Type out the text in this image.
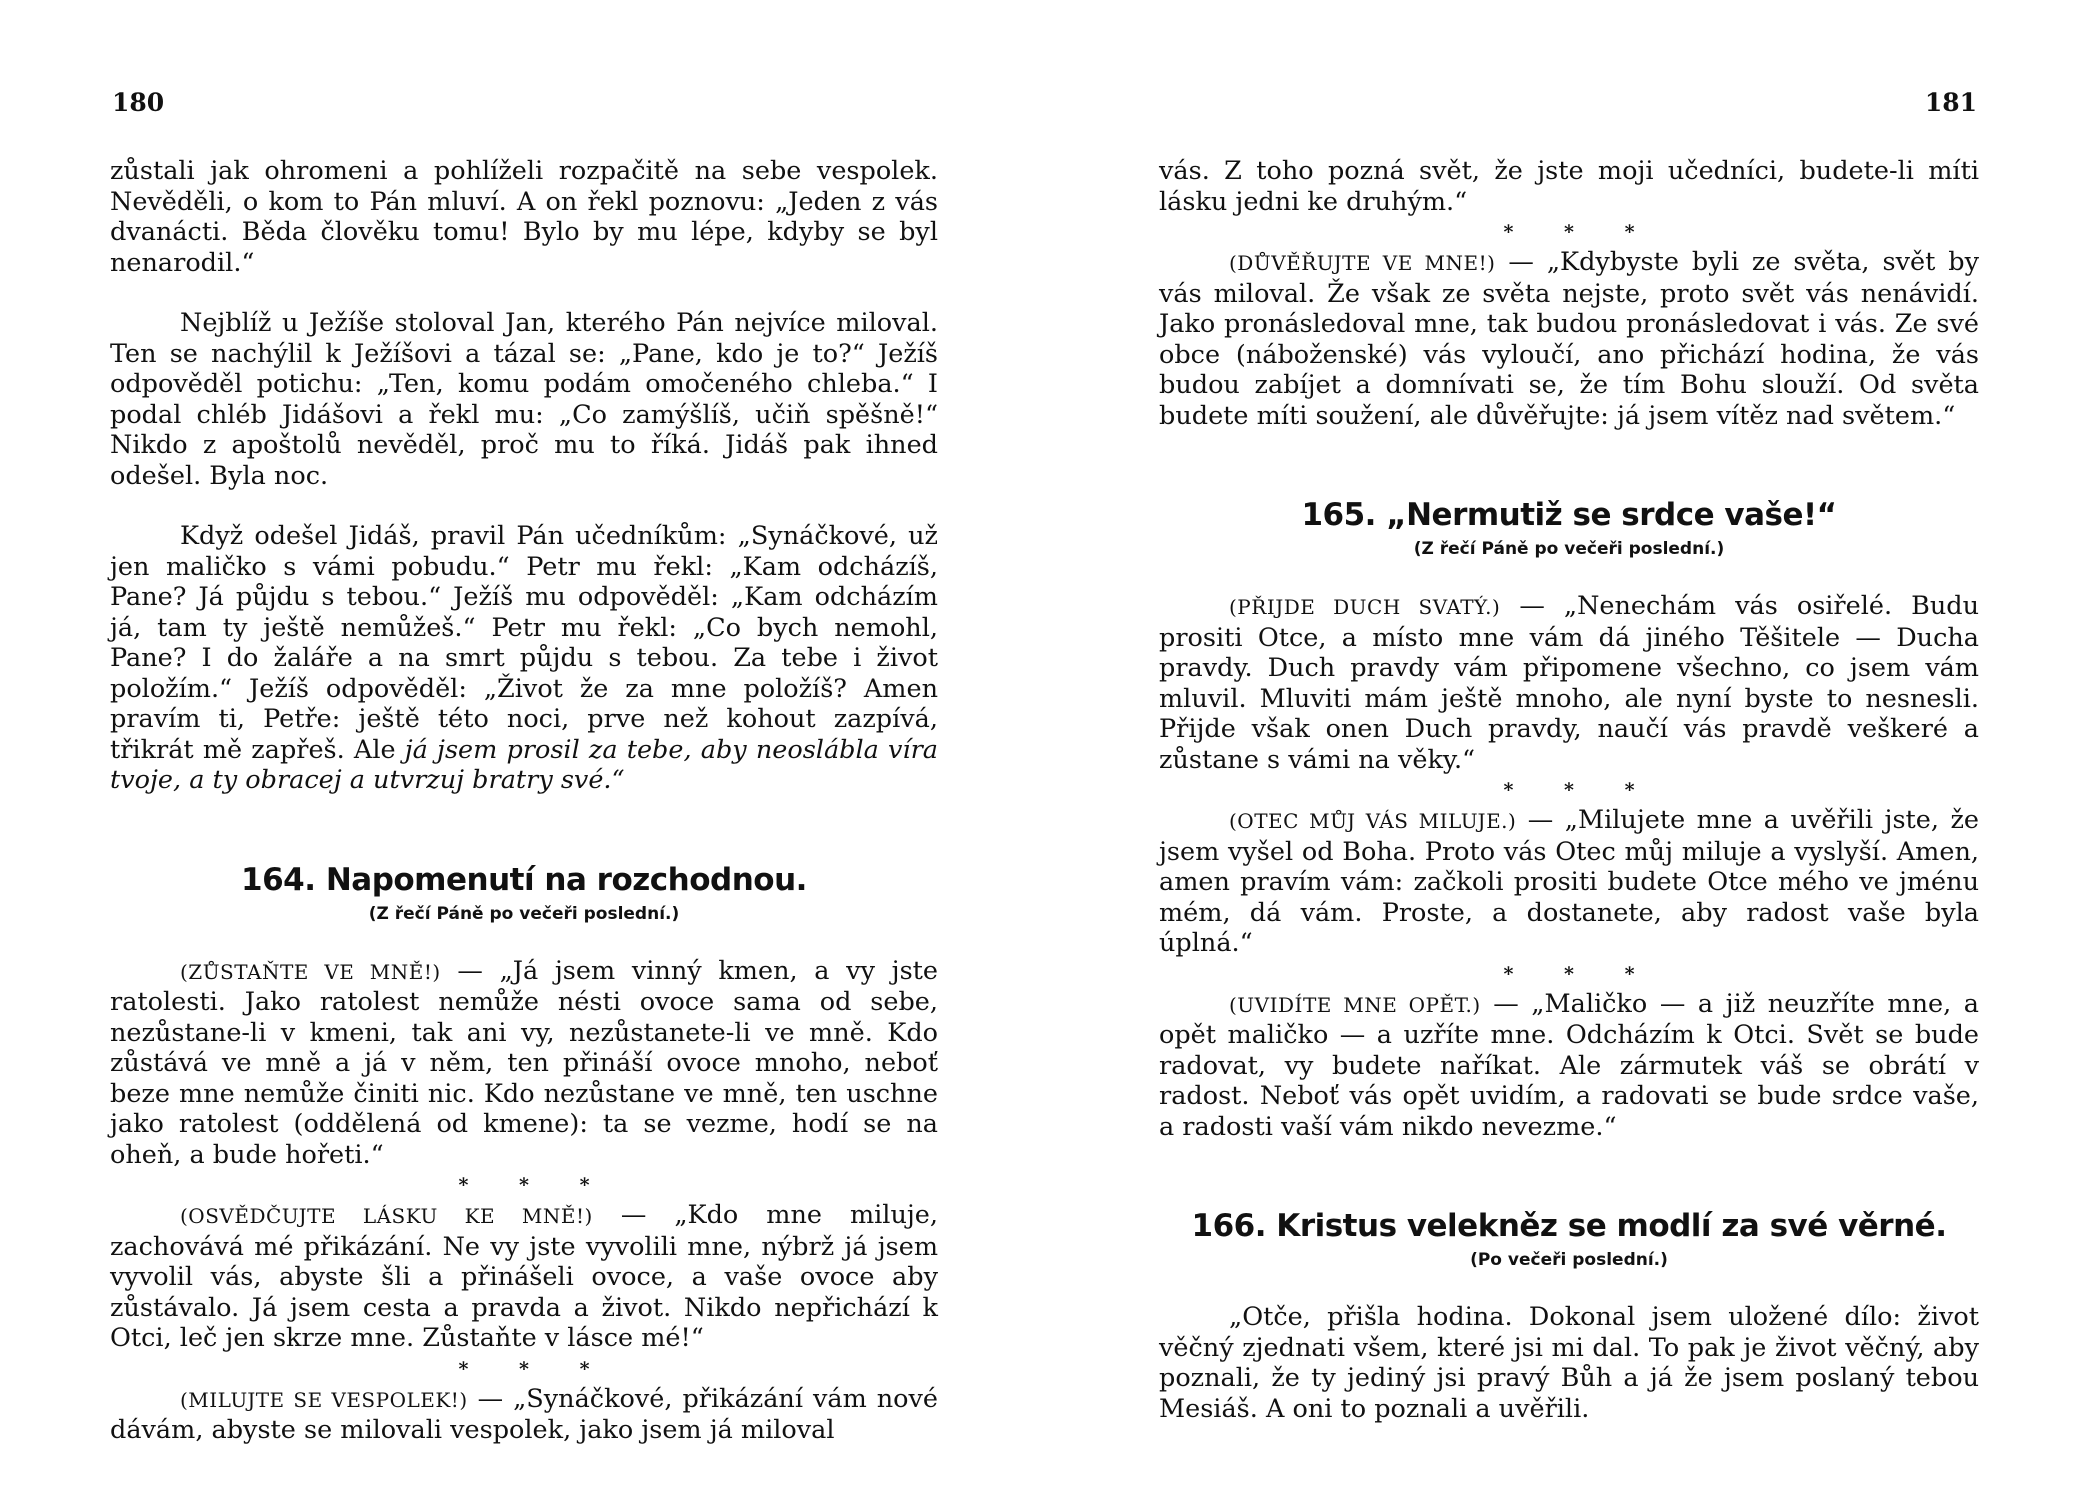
180

zůstali jak ohromeni a pohlíželi rozpačitě na sebe vespolek. Nevěděli, o kom to Pán mluví. A on řekl poznovu: „Jeden z vás dvanácti. Běda člověku tomu! Bylo by mu lépe, kdyby se byl nenarodil.“

Nejblíž u Ježíše stoloval Jan, kterého Pán nejvíce miloval. Ten se nachýlil k Ježíšovi a tázal se: „Pane, kdo je to?“ Ježíš odpověděl potichu: „Ten, komu podám omočeného chleba.“ I podal chléb Jidášovi a řekl mu: „Co zamýšlíš, učiň spěšně!“ Nikdo z apoštolů nevěděl, proč mu to říká. Jidáš pak ihned odešel. Byla noc.

Když odešel Jidáš, pravil Pán učedníkům: „Synáčkové, už jen maličko s vámi pobudu.“ Petr mu řekl: „Kam odcházíš, Pane? Já půjdu s tebou.“ Ježíš mu odpověděl: „Kam odcházím já, tam ty ještě nemůžeš.“ Petr mu řekl: „Co bych nemohl, Pane? I do žaláře a na smrt půjdu s tebou. Za tebe i život položím.“ Ježíš odpověděl: „Život že za mne položíš? Amen pravím ti, Petře: ještě této noci, prve než kohout zazpívá, třikrát mě zapřeš. Ale já jsem prosil za tebe, aby neoslábla víra tvoje, a ty obracej a utvrzuj bratry své.“

164. Napomenutí na rozchodnou.
(Z řečí Páně po večeři poslední.)

(ZŮSTAŇTE VE MNĚ!) — „Já jsem vinný kmen, a vy jste ratolesti. Jako ratolest nemůže nésti ovoce sama od sebe, nezůstane-li v kmeni, tak ani vy, nezůstanete-li ve mně. Kdo zůstává ve mně a já v něm, ten přináší ovoce mnoho, neboť beze mne nemůže činiti nic. Kdo nezůstane ve mně, ten uschne jako ratolest (oddělená od kmene): ta se vezme, hodí se na oheň, a bude hořeti.“

* * *

(OSVĚDČUJTE LÁSKU KE MNĚ!) — „Kdo mne miluje, zachovává mé přikázání. Ne vy jste vyvolili mne, nýbrž já jsem vyvolil vás, abyste šli a přinášeli ovoce, a vaše ovoce aby zůstávalo. Já jsem cesta a pravda a život. Nikdo nepřichází k Otci, leč jen skrze mne. Zůstaňte v lásce mé!“

* * *

(MILUJTE SE VESPOLEK!) — „Synáčkové, přikázání vám nové dávám, abyste se milovali vespolek, jako jsem já miloval

181

vás. Z toho pozná svět, že jste moji učedníci, budete-li míti lásku jedni ke druhým.“

* * *

(DŮVĚŘUJTE VE MNE!) — „Kdybyste byli ze světa, svět by vás miloval. Že však ze světa nejste, proto svět vás nenávidí. Jako pronásledoval mne, tak budou pronásledovat i vás. Ze své obce (náboženské) vás vyloučí, ano přichází hodina, že vás budou zabíjet a domnívati se, že tím Bohu slouží. Od světa budete míti soužení, ale důvěřujte: já jsem vítěz nad světem.“

165. „Nermutiž se srdce vaše!“
(Z řečí Páně po večeři poslední.)

(PŘIJDE DUCH SVATÝ.) — „Nenechám vás osiřelé. Budu prositi Otce, a místo mne vám dá jiného Těšitele — Ducha pravdy. Duch pravdy vám připomene všechno, co jsem vám mluvil. Mluviti mám ještě mnoho, ale nyní byste to nesnesli. Přijde však onen Duch pravdy, naučí vás pravdě veškeré a zůstane s vámi na věky.“

* * *

(OTEC MŮJ VÁS MILUJE.) — „Milujete mne a uvěřili jste, že jsem vyšel od Boha. Proto vás Otec můj miluje a vyslyší. Amen, amen pravím vám: začkoli prositi budete Otce mého ve jménu mém, dá vám. Proste, a dostanete, aby radost vaše byla úplná.“

* * *

(UVIDÍTE MNE OPĚT.) — „Maličko — a již neuzříte mne, a opět maličko — a uzříte mne. Odcházím k Otci. Svět se bude radovat, vy budete naříkat. Ale zármutek váš se obrátí v radost. Neboť vás opět uvidím, a radovati se bude srdce vaše, a radosti vaší vám nikdo nevezme.“

166. Kristus velekněz se modlí za své věrné.
(Po večeři poslední.)

„Otče, přišla hodina. Dokonal jsem uložené dílo: život věčný zjednati všem, které jsi mi dal. To pak je život věčný, aby poznali, že ty jediný jsi pravý Bůh a já že jsem poslaný tebou Mesiáš. A oni to poznali a uvěřili.
